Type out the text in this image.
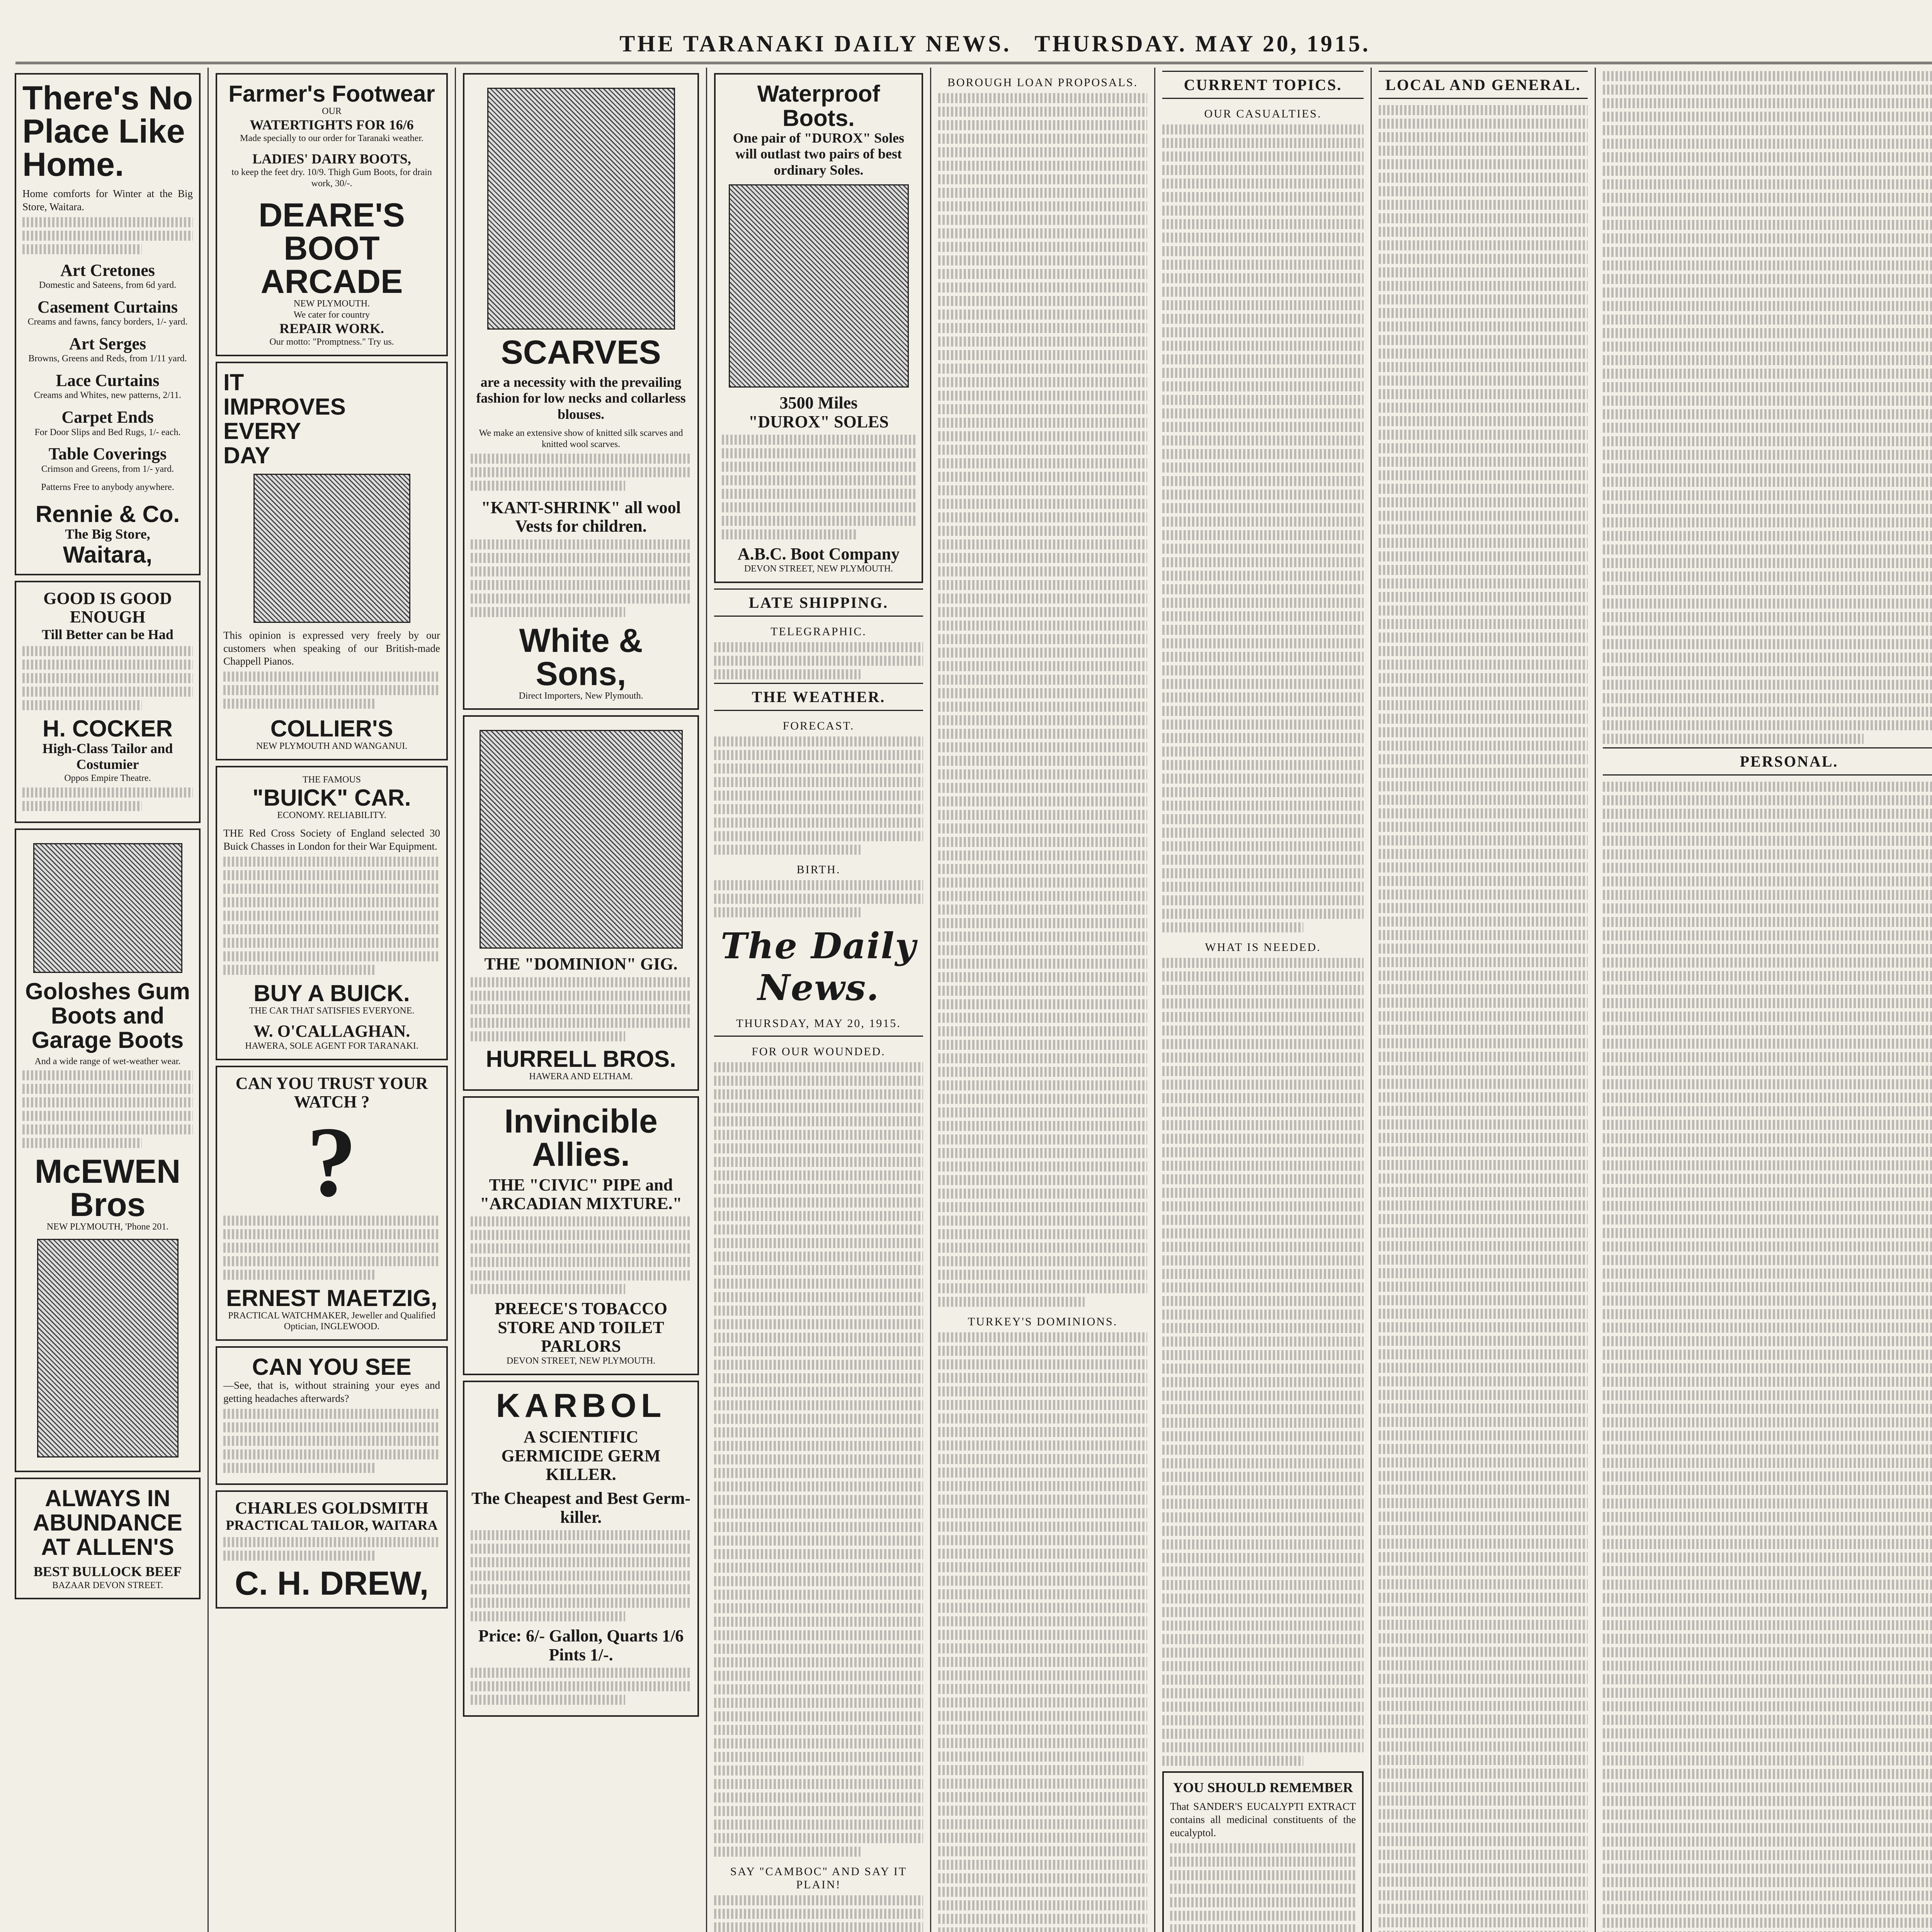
THE TARANAKI DAILY NEWS. THURSDAY. MAY 20, 1915.
There's No Place Like Home.
Home comforts for Winter at the Big Store, Waitara.
Art Cretones
Domestic and Sateens, from 6d yard.
Casement Curtains
Creams and fawns, fancy borders, 1/- yard.
Art Serges
Browns, Greens and Reds, from 1/11 yard.
Lace Curtains
Creams and Whites, new patterns, 2/11.
Carpet Ends
For Door Slips and Bed Rugs, 1/- each.
Table Coverings
Crimson and Greens, from 1/- yard.
Patterns Free to anybody anywhere.
Rennie & Co.
The Big Store,
Waitara,
GOOD IS GOOD ENOUGH
Till Better can be Had
H. COCKER
High-Class Tailor and Costumier
Oppos Empire Theatre.
Goloshes Gum Boots and Garage Boots
And a wide range of wet-weather wear.
McEWEN Bros
NEW PLYMOUTH, 'Phone 201.
ALWAYS IN ABUNDANCE AT ALLEN'S
BEST BULLOCK BEEF
BAZAAR DEVON STREET.
Farmer's Footwear
OUR
WATERTIGHTS FOR 16/6
Made specially to our order for Taranaki weather.
LADIES' DAIRY BOOTS,
to keep the feet dry. 10/9. Thigh Gum Boots, for drain work, 30/-.
DEARE'S
BOOT ARCADE
NEW PLYMOUTH.
We cater for country
REPAIR WORK.
Our motto: "Promptness." Try us.
IT IMPROVES EVERY DAY
This opinion is expressed very freely by our customers when speaking of our British-made Chappell Pianos.
COLLIER'S
NEW PLYMOUTH AND WANGANUI.
THE FAMOUS
"BUICK" CAR.
ECONOMY. RELIABILITY.
THE Red Cross Society of England selected 30 Buick Chasses in London for their War Equipment.
BUY A BUICK.
THE CAR THAT SATISFIES EVERYONE.
W. O'CALLAGHAN.
HAWERA, SOLE AGENT FOR TARANAKI.
CAN YOU TRUST YOUR WATCH ?
?
ERNEST MAETZIG,
PRACTICAL WATCHMAKER, Jeweller and Qualified Optician, INGLEWOOD.
CAN YOU SEE
—See, that is, without straining your eyes and getting headaches afterwards?
CHARLES GOLDSMITH
PRACTICAL TAILOR, WAITARA
C. H. DREW,
SCARVES
are a necessity with the prevailing fashion for low necks and collarless blouses.
We make an extensive show of knitted silk scarves and knitted wool scarves.
"KANT-SHRINK" all wool Vests for children.
White & Sons,
Direct Importers, New Plymouth.
THE "DOMINION" GIG.
HURRELL BROS.
HAWERA AND ELTHAM.
Invincible Allies.
THE "CIVIC" PIPE and "ARCADIAN MIXTURE."
PREECE'S TOBACCO STORE AND TOILET PARLORS
DEVON STREET, NEW PLYMOUTH.
KARBOL
A SCIENTIFIC GERMICIDE GERM KILLER.
The Cheapest and Best Germ-killer.
Price: 6/- Gallon, Quarts 1/6 Pints 1/-.
Waterproof Boots.
One pair of "DUROX" Soles will outlast two pairs of best ordinary Soles.
3500 Miles
"DUROX" SOLES
A.B.C. Boot Company
DEVON STREET, NEW PLYMOUTH.
LATE SHIPPING.
TELEGRAPHIC.
THE WEATHER.
FORECAST.
BIRTH.
The Daily News.
THURSDAY, MAY 20, 1915.
FOR OUR WOUNDED.
SAY "CAMBOC" AND SAY IT PLAIN!
BOROUGH LOAN PROPOSALS.
TURKEY'S DOMINIONS.
CURRENT TOPICS.
OUR CASUALTIES.
WHAT IS NEEDED.
YOU SHOULD REMEMBER
That SANDER'S EUCALYPTI EXTRACT contains all medicinal constituents of the eucalyptol.
LOCAL AND GENERAL.
PERSONAL.
